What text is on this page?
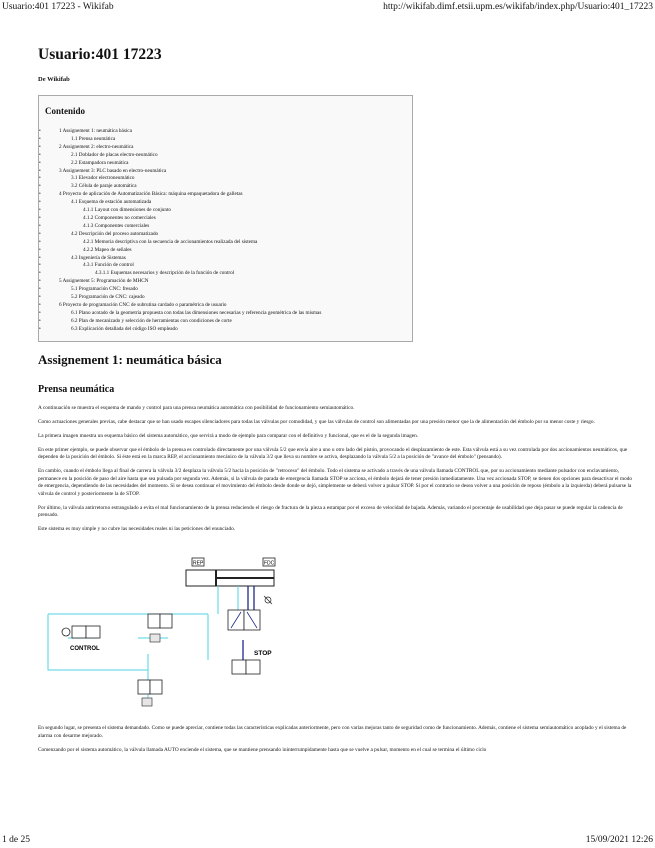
Usuario:401 17223 - Wikifab	http://wikifab.dimf.etsii.upm.es/wikifab/index.php/Usuario:401_17223
Usuario:401 17223
De Wikifab
Contenido
• 1 Assignement 1: neumática básica
• 1.1 Prensa neumática
• 2 Assignement 2: electro-neumática
• 2.1 Doblador de placas electro-neumático
• 2.2 Estampadora neumática
• 3 Assignement 3: PLC basado en electro-neumática
• 3.1 Elevador electroneumático
• 3.2 Célula de paraje automática
• 4 Proyecto de aplicación de Automatización Básica: máquina empaquetadora de galletas
• 4.1 Esquema de estación automatizada
• 4.1.1 Layout con dimensiones de conjunto
• 4.1.2 Componentes no comerciales
• 4.1.3 Componentes comerciales
• 4.2 Descripción del proceso automatizado
• 4.2.1 Memoria descriptiva con la secuencia de accionamientos realizada del sistema
• 4.2.2 Mapeo de señales
• 4.3 Ingeniería de Sistemas
• 4.3.1 Función de control
• 4.3.1.1 Esquemas necesarios y descripción de la función de control
• 5 Assignement 5: Programación de MHCN
• 5.1 Programación CNC: fresado
• 5.2 Programación de CNC: cajeado
• 6 Proyecto de programación CNC de subrutina cardado o paramétrica de usuario
• 6.1 Plano acotado de la geometría propuesta con todas las dimensiones necesarias y referencia geométrica de las mismas
• 6.2 Plan de mecanizado y selección de herramientas con condiciones de corte
• 6.3 Explicación detallada del código ISO empleado
Assignement 1: neumática básica
Prensa neumática

A continuación se muestra el esquema de mando y control para una prensa neumática automática con posibilidad de funcionamiento semiautomático.

Como actuaciones generales previas, cabe destacar que se han usado escapes silenciadores para todas las válvulas por comodidad, y que las válvulas de control son alimentadas por una presión menor que la de alimentación del émbolo por su menor coste y riesgo.

La primera imagen muestra un esquema básico del sistema automático, que servirá a modo de ejemplo para comparar con el definitivo y funcional, que es el de la segunda imagen.

En este primer ejemplo, se puede observar que el émbolo de la prensa es controlado directamente por una válvula 5/2 que envía aire a uno u otro lado del pistón, provocando el desplazamiento de este. Esta válvula está a su vez controlada por dos accionamientos neumáticos, que dependen de la posición del émbolo. Si éste está en la marca REP, el accionamiento mecánico de la válvula 3/2 que lleva su nombre se activa, desplazando la válvula 5/2 a la posición de "avance del émbolo" (pensando).

En cambio, cuando el émbolo llega al final de carrera la válvula 3/2 desplaza la válvula 5/2 hacia la posición de "retroceso" del émbolo. Todo el sistema se activado a través de una válvula llamada CONTROL que, por su accionamiento mediante pulsador con enclavamiento, permanece en la posición de paso del aire hasta que sea pulsada por segunda vez. Además, si la válvula de parada de emergencia llamada STOP se acciona, el émbolo dejará de tener presión inmediatamente. Una vez accionada STOP, se tienen dos opciones para desactivar el modo de emergencia, dependiendo de las necesidades del momento. Si se desea continuar el movimiento del émbolo desde donde se dejó, simplemente se deberá volver a pulsar STOP. Si por el contrario se desea volver a una posición de reposo (émbolo a la izquierda) deberá pulsarse la válvula de control y posteriormente la de STOP.

Por último, la válvula antirretorno estrangulado a evita el mal funcionamiento de la prensa reduciendo el riesgo de fractura de la pieza a estampar por el exceso de velocidad de bajada. Además, variando el porcentaje de usabilidad que deja pasar se puede regular la cadencia de prensado.

Este sistema es muy simple y no cubre las necesidades reales ni las peticiones del enunciado.

REP	FDC
CONTROL
STOP

En segundo lugar, se presenta el sistema demandado. Como se puede apreciar, contiene todas las características explicadas anteriormente, pero con varias mejoras tanto de seguridad como de funcionamiento. Además, contiene el sistema semiautomático acoplado y el sistema de alarma con desarme mejorado.

Comenzando por el sistema automático, la válvula llamada AUTO enciende el sistema, que se mantiene prensando ininterrumpidamente hasta que se vuelve a pulsar, momento en el cual se termina el último ciclo

1 de 25	15/09/2021 12:26
